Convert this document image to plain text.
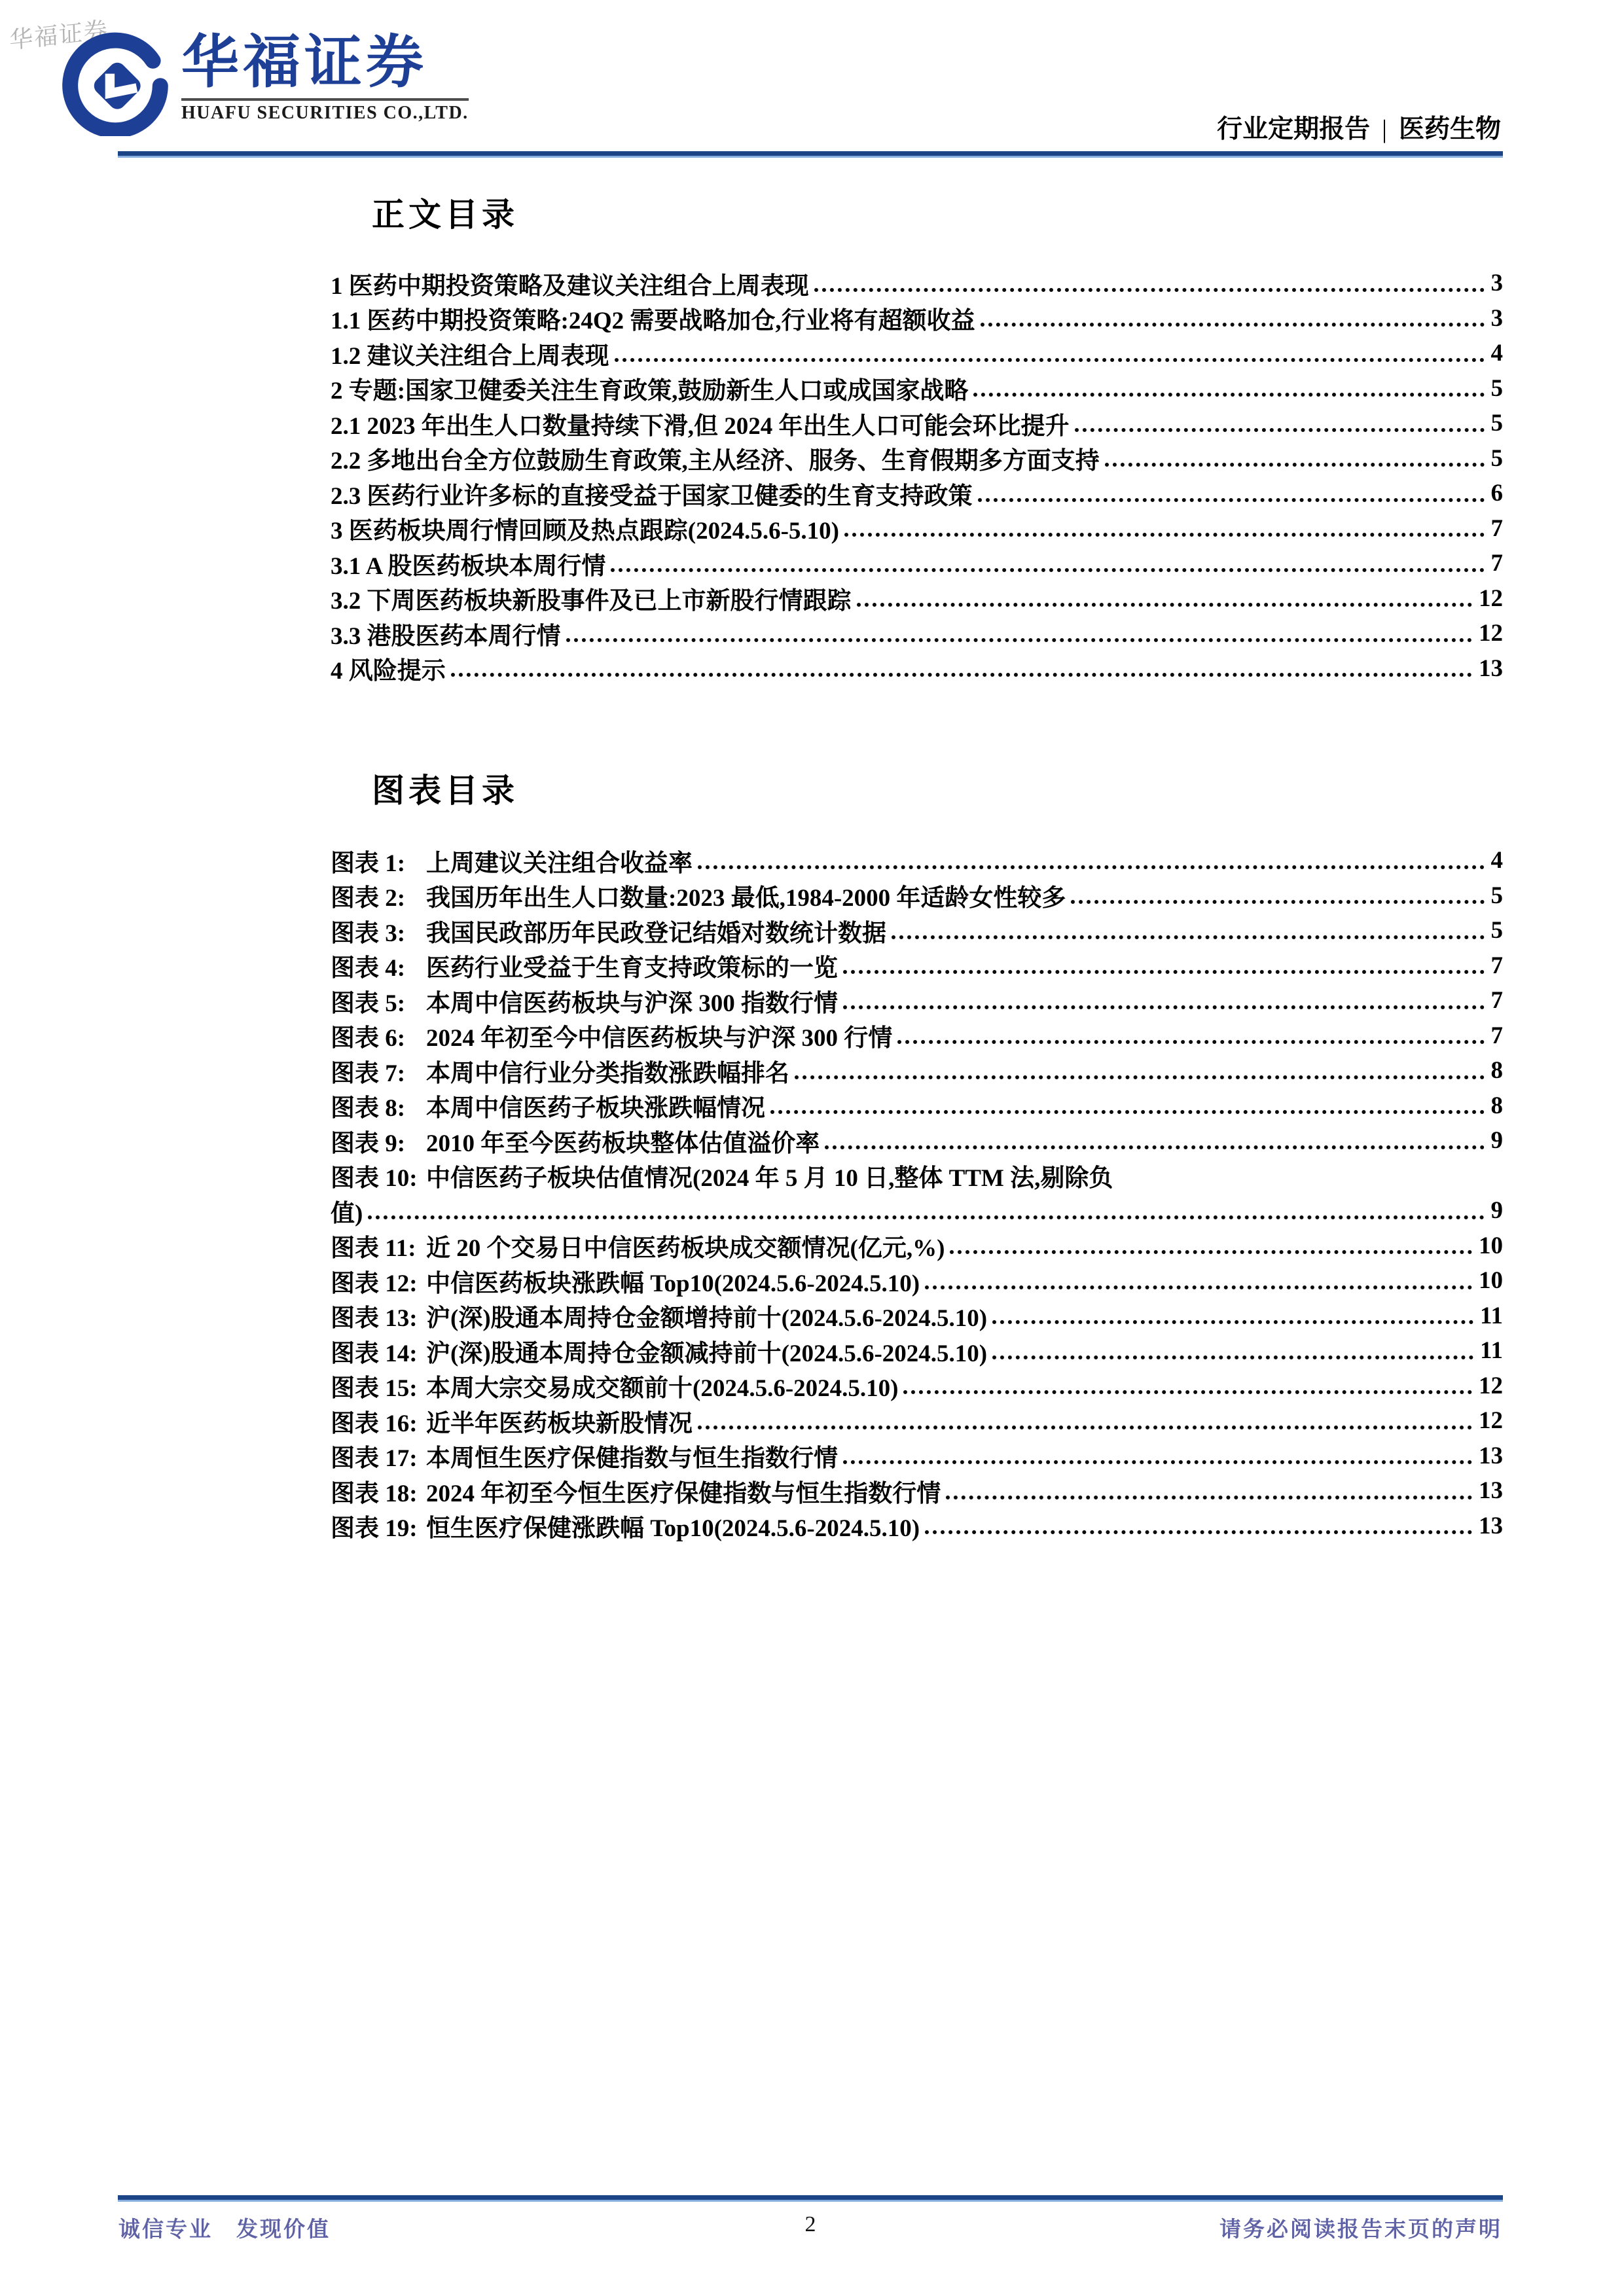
华福证券 华福证券
HUAFU SECURITIES CO.,LTD.
行业定期报告 | 医药生物
正文目录
1 医药中期投资策略及建议关注组合上周表现	3
1.1 医药中期投资策略:24Q2 需要战略加仓,行业将有超额收益	3
1.2 建议关注组合上周表现	4
2 专题:国家卫健委关注生育政策,鼓励新生人口或成国家战略	5
2.1 2023 年出生人口数量持续下滑,但 2024 年出生人口可能会环比提升	5
2.2 多地出台全方位鼓励生育政策,主从经济、服务、生育假期多方面支持	5
2.3 医药行业许多标的直接受益于国家卫健委的生育支持政策	6
3 医药板块周行情回顾及热点跟踪(2024.5.6-5.10)	7
3.1 A 股医药板块本周行情	7
3.2 下周医药板块新股事件及已上市新股行情跟踪	12
3.3 港股医药本周行情	12
4 风险提示	13
图表目录
图表 1: 上周建议关注组合收益率	4
图表 2: 我国历年出生人口数量:2023 最低,1984-2000 年适龄女性较多	5
图表 3: 我国民政部历年民政登记结婚对数统计数据	5
图表 4: 医药行业受益于生育支持政策标的一览	7
图表 5: 本周中信医药板块与沪深 300 指数行情	7
图表 6: 2024 年初至今中信医药板块与沪深 300 行情	7
图表 7: 本周中信行业分类指数涨跌幅排名	8
图表 8: 本周中信医药子板块涨跌幅情况	8
图表 9: 2010 年至今医药板块整体估值溢价率	9
图表 10: 中信医药子板块估值情况(2024 年 5 月 10 日,整体 TTM 法,剔除负
值)	9
图表 11: 近 20 个交易日中信医药板块成交额情况(亿元,%)	10
图表 12: 中信医药板块涨跌幅 Top10(2024.5.6-2024.5.10)	10
图表 13: 沪(深)股通本周持仓金额增持前十(2024.5.6-2024.5.10)	11
图表 14: 沪(深)股通本周持仓金额减持前十(2024.5.6-2024.5.10)	11
图表 15: 本周大宗交易成交额前十(2024.5.6-2024.5.10)	12
图表 16: 近半年医药板块新股情况	12
图表 17: 本周恒生医疗保健指数与恒生指数行情	13
图表 18: 2024 年初至今恒生医疗保健指数与恒生指数行情	13
图表 19: 恒生医疗保健涨跌幅 Top10(2024.5.6-2024.5.10)	13
诚信专业　发现价值	2	请务必阅读报告末页的声明
